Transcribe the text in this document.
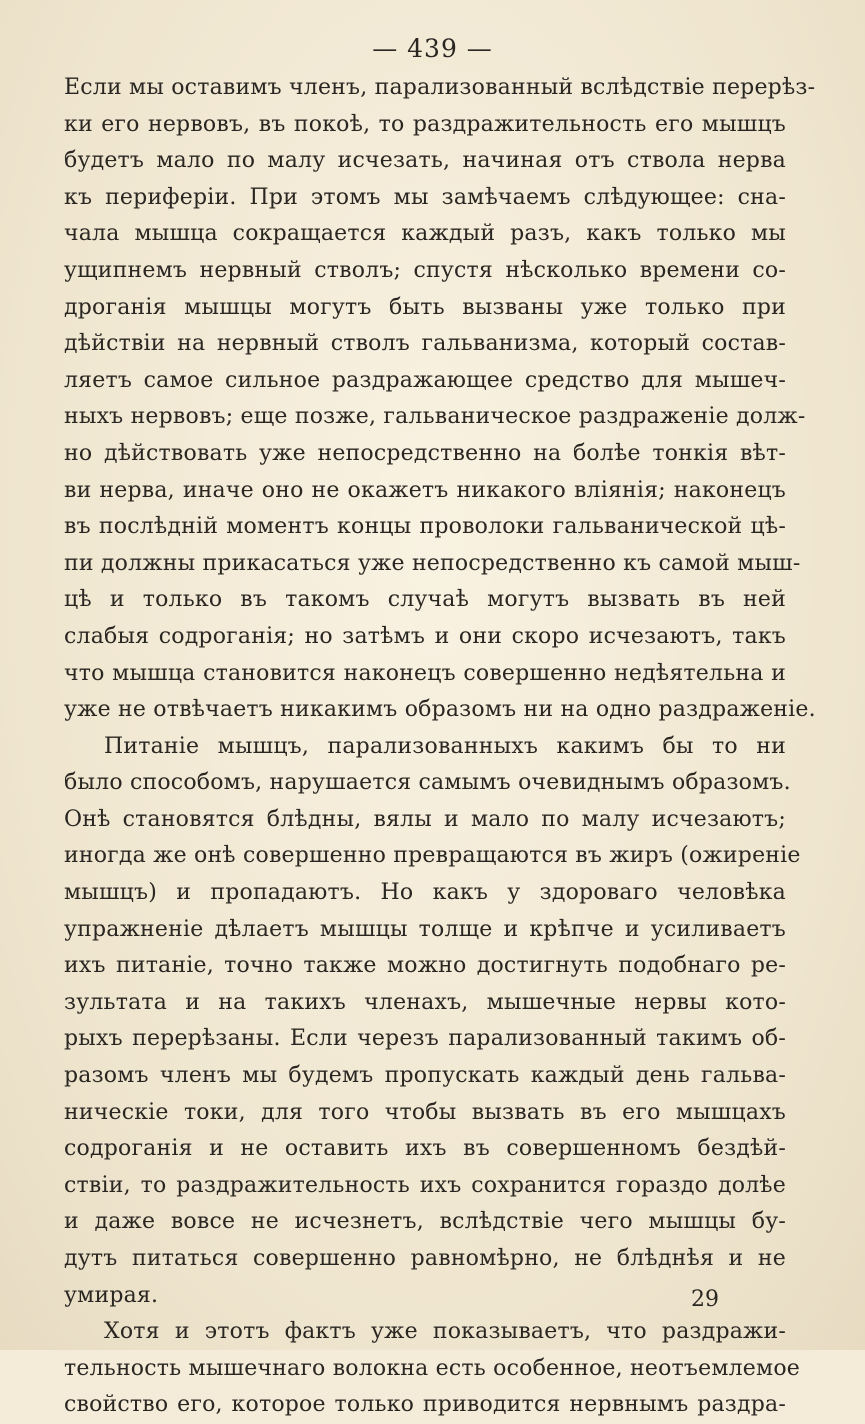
— 439 —
Если мы оставимъ членъ, парализованный вслѣдствіе перерѣз-
ки его нервовъ, въ покоѣ, то раздражительность его мышцъ
будетъ мало по малу исчезать, начиная отъ ствола нерва
къ периферіи. При этомъ мы замѣчаемъ слѣдующее: сна-
чала мышца сокращается каждый разъ, какъ только мы
ущипнемъ нервный стволъ; спустя нѣсколько времени со-
дроганія мышцы могутъ быть вызваны уже только при
дѣйствіи на нервный стволъ гальванизма, который состав-
ляетъ самое сильное раздражающее средство для мышеч-
ныхъ нервовъ; еще позже, гальваническое раздраженіе долж-
но дѣйствовать уже непосредственно на болѣе тонкія вѣт-
ви нерва, иначе оно не окажетъ никакого вліянія; наконецъ
въ послѣдній моментъ концы проволоки гальванической цѣ-
пи должны прикасаться уже непосредственно къ самой мыш-
цѣ и только въ такомъ случаѣ могутъ вызвать въ ней
слабыя содроганія; но затѣмъ и они скоро исчезаютъ, такъ
что мышца становится наконецъ совершенно недѣятельна и
уже не отвѣчаетъ никакимъ образомъ ни на одно раздраженіе.
Питаніе мышцъ, парализованныхъ какимъ бы то ни
было способомъ, нарушается самымъ очевиднымъ образомъ.
Онѣ становятся блѣдны, вялы и мало по малу исчезаютъ;
иногда же онѣ совершенно превращаются въ жиръ (ожиреніе
мышцъ) и пропадаютъ. Но какъ у здороваго человѣка
упражненіе дѣлаетъ мышцы толще и крѣпче и усиливаетъ
ихъ питаніе, точно также можно достигнуть подобнаго ре-
зультата и на такихъ членахъ, мышечные нервы кото-
рыхъ перерѣзаны. Если черезъ парализованный такимъ об-
разомъ членъ мы будемъ пропускать каждый день гальва-
ническіе токи, для того чтобы вызвать въ его мышцахъ
содроганія и не оставить ихъ въ совершенномъ бездѣй-
ствіи, то раздражительность ихъ сохранится гораздо долѣе
и даже вовсе не исчезнетъ, вслѣдствіе чего мышцы бу-
дутъ питаться совершенно равномѣрно, не блѣднѣя и не
умирая.
Хотя и этотъ фактъ уже показываетъ, что раздражи-
тельность мышечнаго волокна есть особенное, неотъемлемое
свойство его, которое только приводится нервнымъ раздра-
29
